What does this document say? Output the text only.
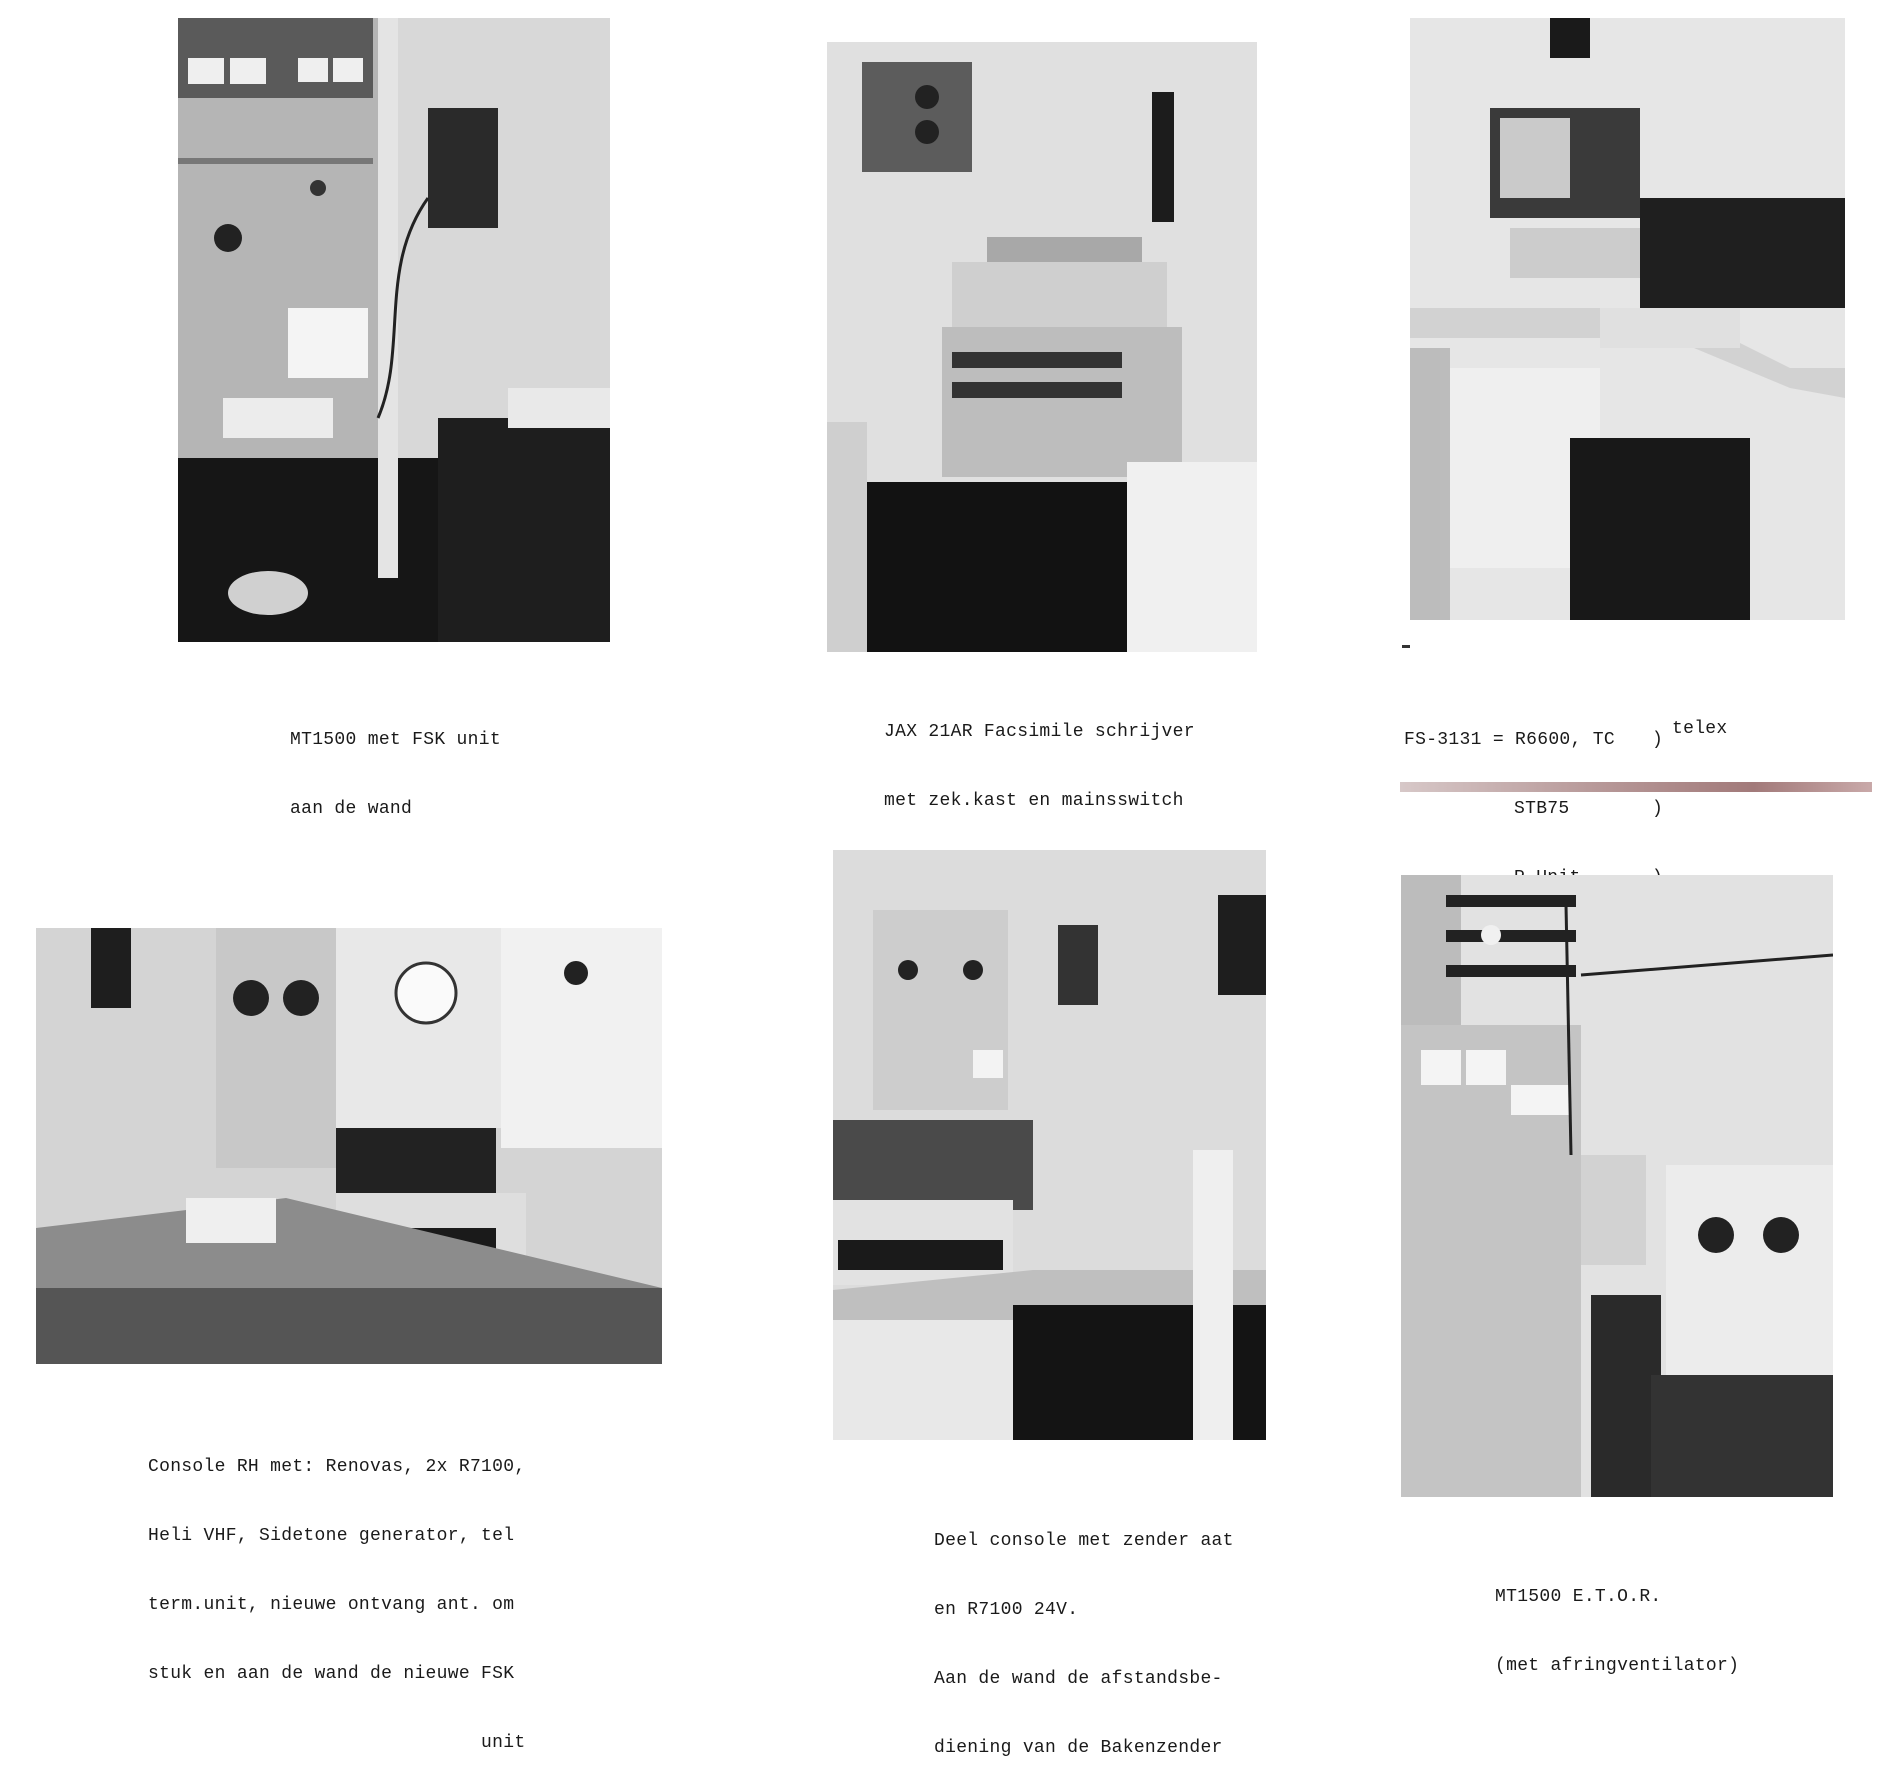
MT1500 met FSK unit

aan de wand

JAX 21AR Facsimile schrijver

met zek.kast en mainsswitch

FS-3131 = R6600, TC

STB75

)

)

telex

Console RH met: Renovas, 2x R7100,

Heli VHF, Sidetone generator, tel

term.unit, nieuwe ontvang ant. om

stuk en aan de wand de nieuwe FSK

unit

Deel console met zender aat

en R7100 24V.

Aan de wand de afstandsbe-

diening van de Bakenzender

MT1500 E.T.O.R.

(met afringventilator)
